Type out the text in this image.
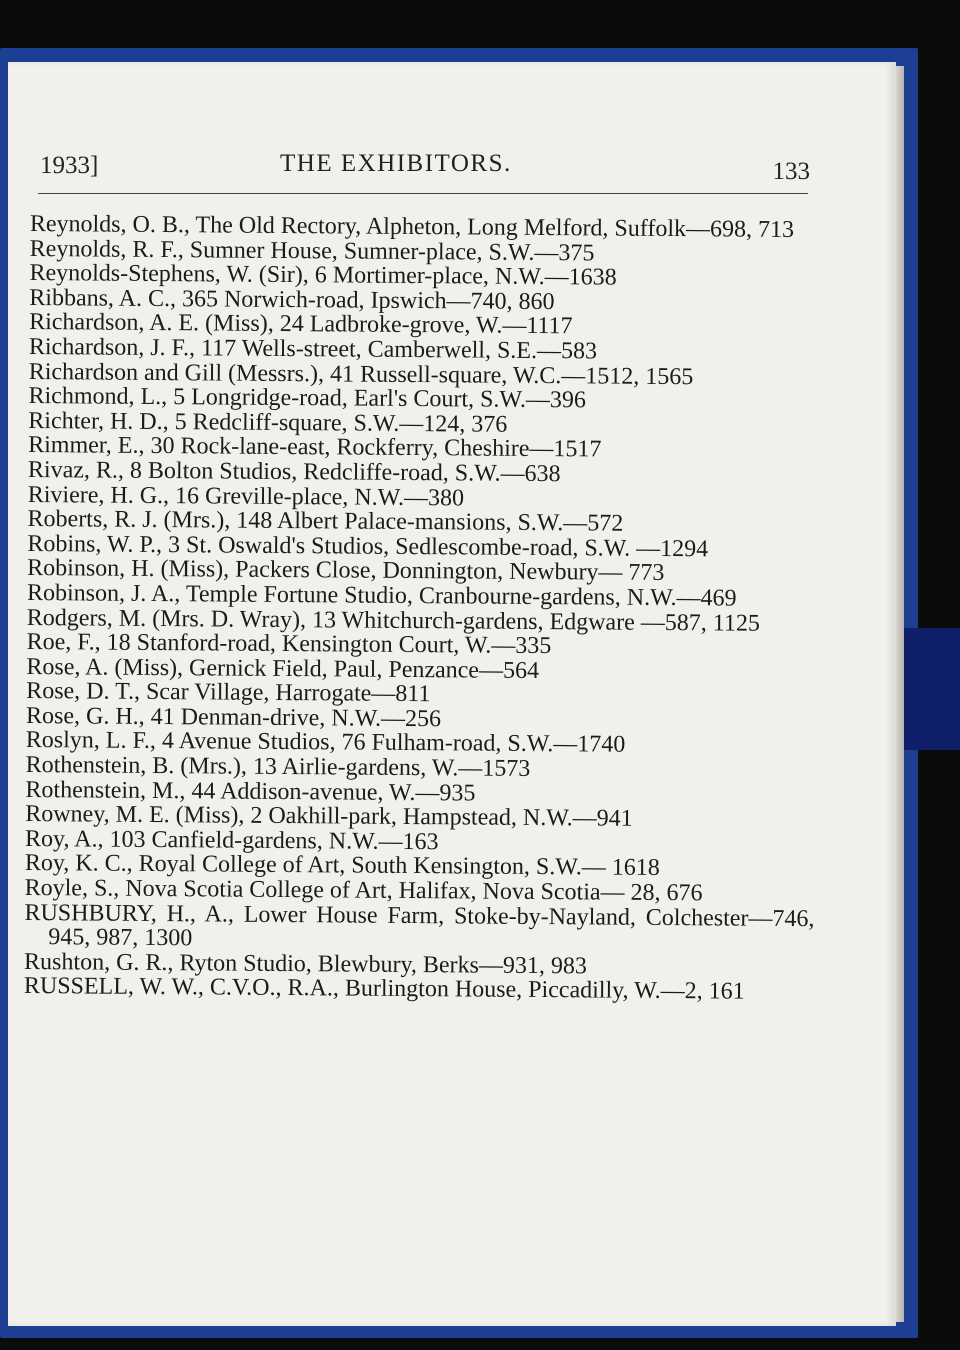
1933]	THE EXHIBITORS.	133

Reynolds, O. B., The Old Rectory, Alpheton, Long Melford, Suffolk—698, 713

Reynolds, R. F., Sumner House, Sumner-place, S.W.—375

Reynolds-Stephens, W. (Sir), 6 Mortimer-place, N.W.—1638

Ribbans, A. C., 365 Norwich-road, Ipswich—740, 860

Richardson, A. E. (Miss), 24 Ladbroke-grove, W.—1117

Richardson, J. F., 117 Wells-street, Camberwell, S.E.—583

Richardson and Gill (Messrs.), 41 Russell-square, W.C.—1512, 1565

Richmond, L., 5 Longridge-road, Earl's Court, S.W.—396

Richter, H. D., 5 Redcliff-square, S.W.—124, 376

Rimmer, E., 30 Rock-lane-east, Rockferry, Cheshire—1517

Rivaz, R., 8 Bolton Studios, Redcliffe-road, S.W.—638

Riviere, H. G., 16 Greville-place, N.W.—380

Roberts, R. J. (Mrs.), 148 Albert Palace-mansions, S.W.—572

Robins, W. P., 3 St. Oswald's Studios, Sedlescombe-road, S.W. —1294

Robinson, H. (Miss), Packers Close, Donnington, Newbury— 773

Robinson, J. A., Temple Fortune Studio, Cranbourne-gardens, N.W.—469

Rodgers, M. (Mrs. D. Wray), 13 Whitchurch-gardens, Edgware —587, 1125

Roe, F., 18 Stanford-road, Kensington Court, W.—335

Rose, A. (Miss), Gernick Field, Paul, Penzance—564

Rose, D. T., Scar Village, Harrogate—811

Rose, G. H., 41 Denman-drive, N.W.—256

Roslyn, L. F., 4 Avenue Studios, 76 Fulham-road, S.W.—1740

Rothenstein, B. (Mrs.), 13 Airlie-gardens, W.—1573

Rothenstein, M., 44 Addison-avenue, W.—935

Rowney, M. E. (Miss), 2 Oakhill-park, Hampstead, N.W.—941

Roy, A., 103 Canfield-gardens, N.W.—163

Roy, K. C., Royal College of Art, South Kensington, S.W.— 1618

Royle, S., Nova Scotia College of Art, Halifax, Nova Scotia— 28, 676

RUSHBURY, H., A., Lower House Farm, Stoke-by-Nayland, Colchester—746, 945, 987, 1300

Rushton, G. R., Ryton Studio, Blewbury, Berks—931, 983

RUSSELL, W. W., C.V.O., R.A., Burlington House, Piccadilly, W.—2, 161
